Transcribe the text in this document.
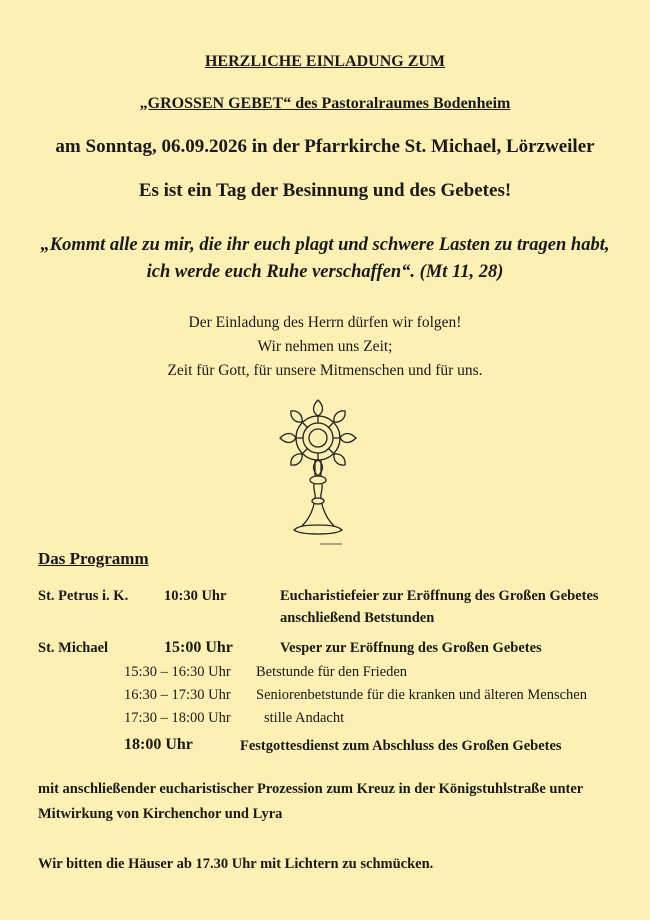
HERZLICHE EINLADUNG ZUM
„GROSSEN GEBET“ des Pastoralraumes Bodenheim
am Sonntag, 06.09.2026 in der Pfarrkirche St. Michael, Lörzweiler
Es ist ein Tag der Besinnung und des Gebetes!
„Kommt alle zu mir, die ihr euch plagt und schwere Lasten zu tragen habt,
ich werde euch Ruhe verschaffen“. (Mt 11, 28)
Der Einladung des Herrn dürfen wir folgen!
Wir nehmen uns Zeit;
Zeit für Gott, für unsere Mitmenschen und für uns.
Das Programm
St. Petrus i. K. 10:30 Uhr	Eucharistiefeier zur Eröffnung des Großen Gebetes
anschließend Betstunden
St. Michael	15:00 Uhr	Vesper zur Eröffnung des Großen Gebetes
15:30 – 16:30 Uhr Betstunde für den Frieden
16:30 – 17:30 Uhr Seniorenbetstunde für die kranken und älteren Menschen
17:30 – 18:00 Uhr stille Andacht
18:00 Uhr	Festgottesdienst zum Abschluss des Großen Gebetes
mit anschließender eucharistischer Prozession zum Kreuz in der Königstuhlstraße unter
Mitwirkung von Kirchenchor und Lyra
Wir bitten die Häuser ab 17.30 Uhr mit Lichtern zu schmücken.
